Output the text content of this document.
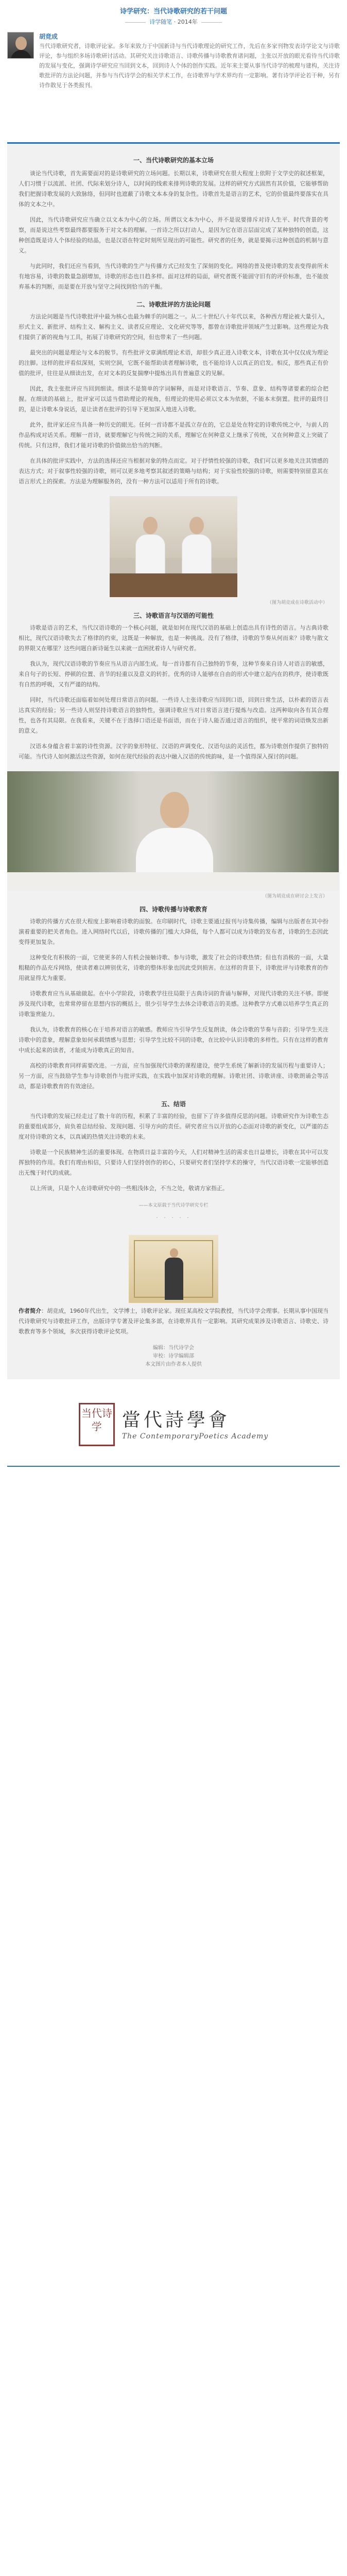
诗学研究：当代诗歌研究的若干问题
诗学随笔 · 2014年
胡竞成
当代诗歌研究者，诗歌评论家。多年来致力于中国新诗与当代诗歌理论的研究工作，先后在多家刊物发表诗学论文与诗歌评论，参与组织多场诗歌研讨活动。其研究关注诗歌语言、诗歌传播与诗歌教育诸问题，主张以开放的眼光看待当代诗歌的发展与变化，强调诗学研究应当回到文本，回到诗人个体的创作实践。近年来主要从事当代诗学的梳理与建构，关注诗歌批评的方法论问题，并参与当代诗学会的相关学术工作，在诗歌界与学术界均有一定影响。著有诗学评论若干种，另有诗作散见于各类报刊。
一、当代诗歌研究的基本立场

谈论当代诗歌，首先需要面对的是诗歌研究的立场问题。长期以来，诗歌研究在很大程度上依附于文学史的叙述框架，人们习惯于以流派、社团、代际来划分诗人，以时间的线索来排列诗歌的发展。这样的研究方式固然有其价值，它能够帮助我们把握诗歌发展的大致脉络，但同时也遮蔽了诗歌文本本身的复杂性。诗歌首先是语言的艺术，它的价值最终要落实在具体的文本之中。

因此，当代诗歌研究应当确立以文本为中心的立场。所谓以文本为中心，并不是说要排斥对诗人生平、时代背景的考察，而是说这些考察最终都要服务于对文本的理解。一首诗之所以打动人，是因为它在语言层面完成了某种独特的创造，这种创造既是诗人个体经验的结晶，也是汉语在特定时刻所呈现出的可能性。研究者的任务，就是要揭示这种创造的机制与意义。

与此同时，我们还应当看到，当代诗歌的生产与传播方式已经发生了深刻的变化。网络的普及使诗歌的发表变得前所未有地容易，诗歌的数量急剧增加，诗歌的形态也日趋多样。面对这样的局面，研究者既不能固守旧有的评价标准，也不能放弃基本的判断，而是要在开放与坚守之间找到恰当的平衡。

二、诗歌批评的方法论问题

方法论问题是当代诗歌批评中最为核心也最为棘手的问题之一。从二十世纪八十年代以来，各种西方理论被大量引入，形式主义、新批评、结构主义、解构主义、读者反应理论、文化研究等等，都曾在诗歌批评领域产生过影响。这些理论为我们提供了新的视角与工具，拓展了诗歌研究的空间，但也带来了一些问题。

最突出的问题是理论与文本的脱节。有些批评文章满纸理论术语，却很少真正进入诗歌文本，诗歌在其中仅仅成为理论的注脚。这样的批评看似深刻，实则空洞，它既不能帮助读者理解诗歌，也不能给诗人以真正的启发。相反，那些真正有价值的批评，往往是从细读出发，在对文本的反复揣摩中提炼出具有普遍意义的见解。

因此，我主张批评应当回到细读。细读不是简单的字词解释，而是对诗歌语言、节奏、意象、结构等诸要素的综合把握。在细读的基础上，批评家可以适当借助理论的视角，但理论的使用必须以文本为依据，不能本末倒置。批评的最终目的，是让诗歌本身说话，是让读者在批评的引导下更加深入地进入诗歌。

此外，批评家还应当具备一种历史的眼光。任何一首诗都不是孤立存在的，它总是处在特定的诗歌传统之中，与前人的作品构成对话关系。理解一首诗，就要理解它与传统之间的关系，理解它在何种意义上继承了传统，又在何种意义上突破了传统。只有这样，我们才能对诗歌的价值做出恰当的判断。

在具体的批评实践中，方法的选择还应当根据对象的特点而定。对于抒情性较强的诗歌，我们可以更多地关注其情感的表达方式；对于叙事性较强的诗歌，则可以更多地考察其叙述的策略与结构；对于实验性较强的诗歌，则需要特别留意其在语言形式上的探索。方法是为理解服务的，没有一种方法可以适用于所有的诗歌。

（图为胡竞成在诗歌活动中）
三、诗歌语言与汉语的可能性

诗歌是语言的艺术，当代汉语诗歌的一个核心问题，就是如何在现代汉语的基础上创造出具有诗性的语言。与古典诗歌相比，现代汉语诗歌失去了格律的约束，这既是一种解放，也是一种挑战。没有了格律，诗歌的节奏从何而来？诗歌与散文的界限又在哪里？这些问题自新诗诞生以来就一直困扰着诗人与研究者。

我认为，现代汉语诗歌的节奏应当从语言内部生成。每一首诗都有自己独特的节奏，这种节奏来自诗人对语言的敏感，来自句子的长短、停顿的位置、音节的轻重以及意义的转折。优秀的诗人能够在自由的形式中建立起内在的秩序，使诗歌既有自然的呼吸，又有严谨的结构。

同时，当代诗歌还面临着如何处理日常语言的问题。一些诗人主张诗歌应当回到口语，回到日常生活，以朴素的语言表达真实的经验；另一些诗人则坚持诗歌语言的独特性，强调诗歌应当对日常语言进行提炼与改造。这两种取向各有其合理性，也各有其局限。在我看来，关键不在于选择口语还是书面语，而在于诗人能否通过语言的组织，使平常的词语焕发出新的意义。

汉语本身蕴含着丰富的诗性资源。汉字的象形特征、汉语的声调变化、汉语句法的灵活性，都为诗歌创作提供了独特的可能。当代诗人如何激活这些资源，如何在现代经验的表达中融入汉语的传统韵味，是一个值得深入探讨的问题。

（图为胡竞成在研讨会上发言）
四、诗歌传播与诗歌教育

诗歌的传播方式在很大程度上影响着诗歌的面貌。在印刷时代，诗歌主要通过报刊与诗集传播，编辑与出版者在其中扮演着重要的把关者角色。进入网络时代以后，诗歌传播的门槛大大降低，每个人都可以成为诗歌的发布者，诗歌的生态因此变得更加复杂。

这种变化有积极的一面，它使更多的人有机会接触诗歌、参与诗歌，激发了社会的诗歌热情；但也有消极的一面，大量粗糙的作品充斥网络，使读者难以辨别优劣，诗歌的整体形象也因此受到损害。在这样的背景下，诗歌批评与诗歌教育的作用就显得尤为重要。

诗歌教育应当从基础做起。在中小学阶段，诗歌教学往往局限于古典诗词的背诵与解释，对现代诗歌的关注不够。即便涉及现代诗歌，也常常停留在思想内容的概括上，很少引导学生去体会诗歌语言的美感。这种教学方式难以培养学生真正的诗歌鉴赏能力。

我认为，诗歌教育的核心在于培养对语言的敏感。教师应当引导学生反复朗读，体会诗歌的节奏与音韵；引导学生关注诗歌中的意象，理解意象如何承载情感与思想；引导学生比较不同的诗歌，在比较中认识诗歌的多样性。只有在这样的教育中成长起来的读者，才能成为诗歌真正的知音。

高校的诗歌教育同样需要改进。一方面，应当加强现代诗歌的课程建设，使学生系统了解新诗的发展历程与重要诗人；另一方面，应当鼓励学生参与诗歌创作与批评实践，在实践中加深对诗歌的理解。诗歌社团、诗歌讲座、诗歌朗诵会等活动，都是诗歌教育的有效途径。

五、结语

当代诗歌的发展已经走过了数十年的历程，积累了丰富的经验，也留下了许多值得反思的问题。诗歌研究作为诗歌生态的重要组成部分，肩负着总结经验、发现问题、引导方向的责任。研究者应当以开放的心态面对诗歌的新变化，以严谨的态度对待诗歌的文本，以真诚的热情关注诗歌的未来。

诗歌是一个民族精神生活的重要体现。在物质日益丰富的今天，人们对精神生活的需求也日益增长，诗歌在其中可以发挥独特的作用。我们有理由相信，只要诗人们坚持创作的初心，只要研究者们坚持学术的操守，当代汉语诗歌一定能够创造出无愧于时代的成就。

以上所谈，只是个人在诗歌研究中的一些粗浅体会，不当之处，敬请方家指正。

——本文原载于当代诗学研究专栏
· · · · ·
作者简介：胡竞成，1960年代出生，文学博士，诗歌评论家。现任某高校文学院教授，当代诗学会理事。长期从事中国现当代诗歌研究与诗歌批评工作，出版诗学专著及评论集多部，在诗歌界具有一定影响。其研究成果涉及诗歌语言、诗歌史、诗歌教育等多个领域，多次获得诗歌评论奖项。
编辑：当代诗学会
审校：诗学编辑部
本文图片由作者本人提供
当代诗学	當代詩學會
The ContemporaryPoetics Academy
